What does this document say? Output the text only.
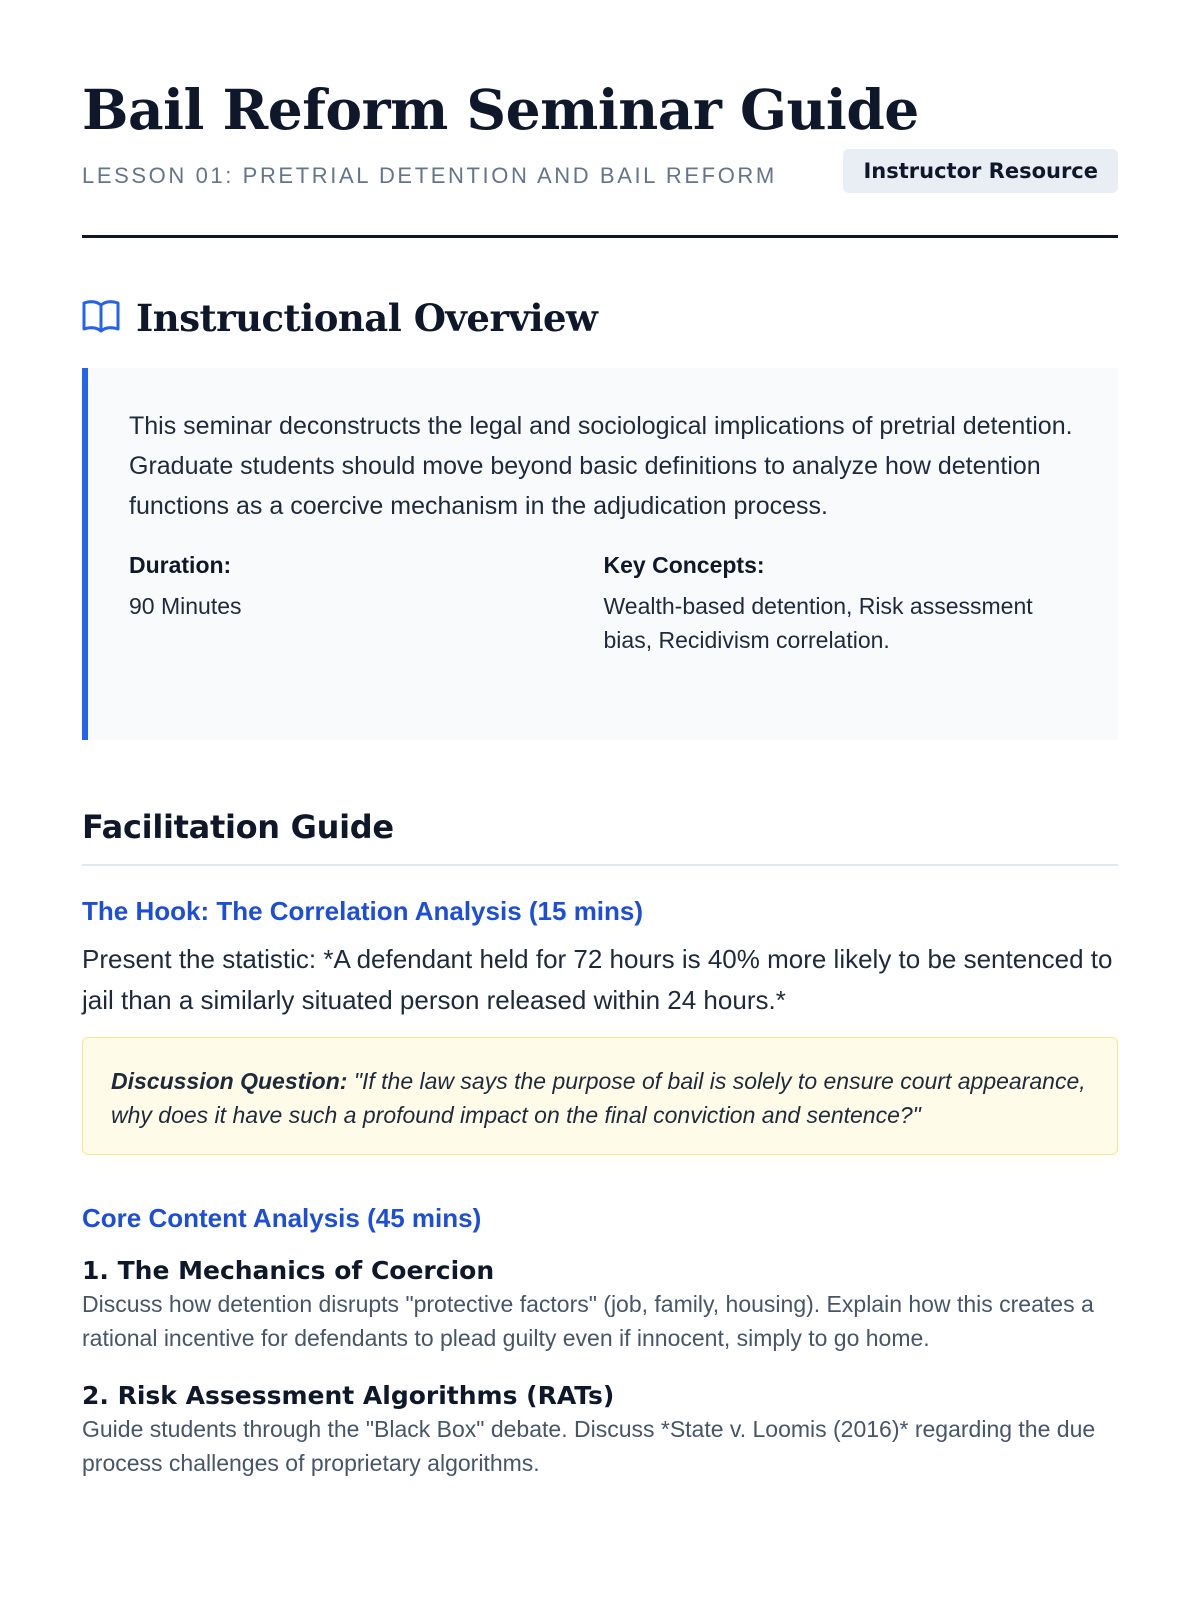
Bail Reform Seminar Guide
LESSON 01: PRETRIAL DETENTION AND BAIL REFORM	Instructor Resource
Instructional Overview

This seminar deconstructs the legal and sociological implications of pretrial detention. Graduate students should move beyond basic definitions to analyze how detention functions as a coercive mechanism in the adjudication process.

Duration:
90 Minutes
Key Concepts:
Wealth-based detention, Risk assessment bias, Recidivism correlation.
Facilitation Guide
The Hook: The Correlation Analysis (15 mins)

Present the statistic: *A defendant held for 72 hours is 40% more likely to be sentenced to jail than a similarly situated person released within 24 hours.*

Discussion Question: "If the law says the purpose of bail is solely to ensure court appearance, why does it have such a profound impact on the final conviction and sentence?"
Core Content Analysis (45 mins)
1. The Mechanics of Coercion

Discuss how detention disrupts "protective factors" (job, family, housing). Explain how this creates a rational incentive for defendants to plead guilty even if innocent, simply to go home.

2. Risk Assessment Algorithms (RATs)

Guide students through the "Black Box" debate. Discuss *State v. Loomis (2016)* regarding the due process challenges of proprietary algorithms.
